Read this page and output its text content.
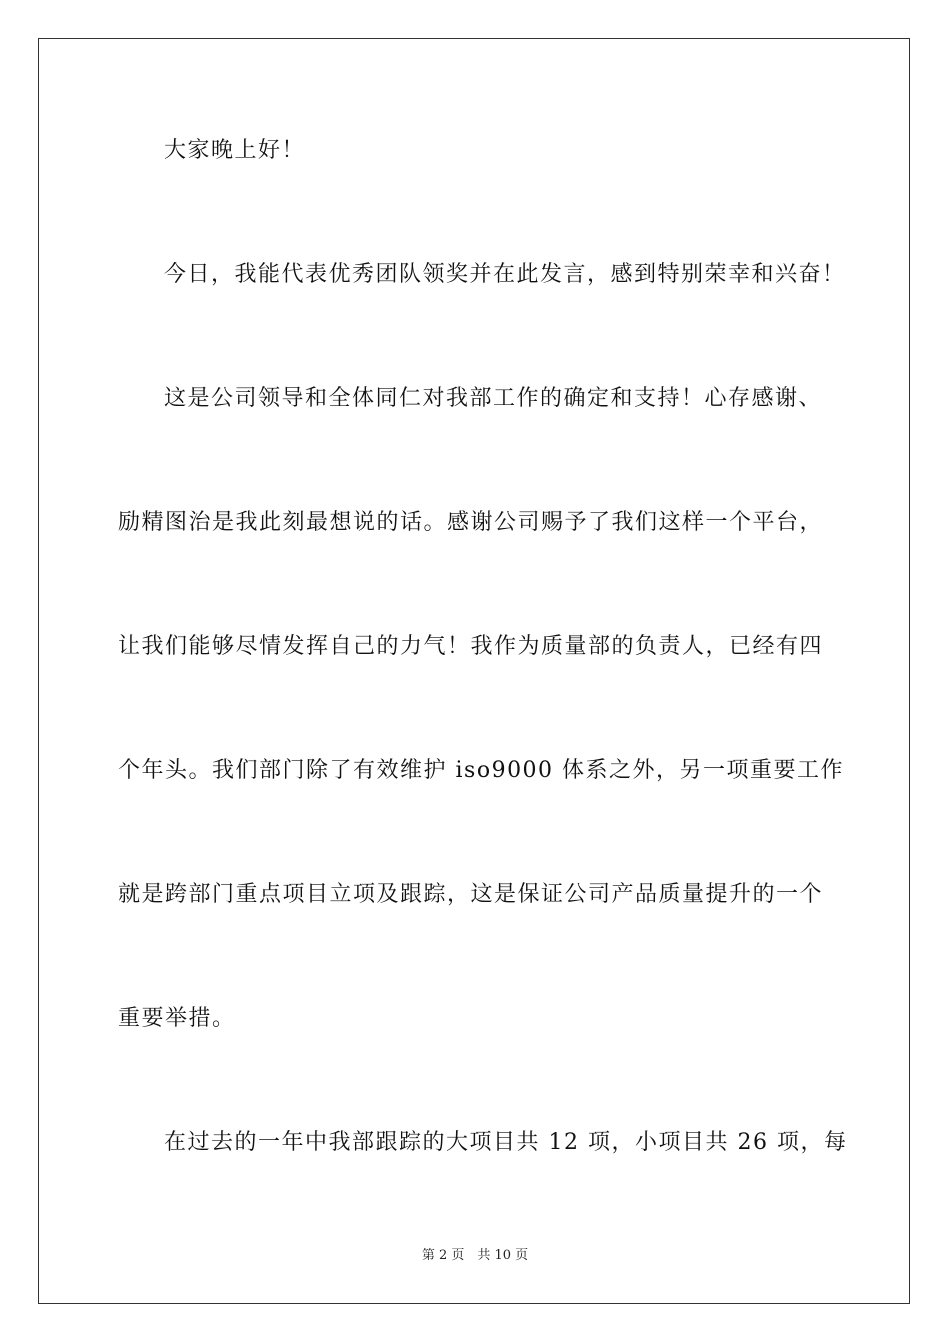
大家晚上好！
今日，我能代表优秀团队领奖并在此发言，感到特别荣幸和兴奋！
这是公司领导和全体同仁对我部工作的确定和支持！心存感谢、
励精图治是我此刻最想说的话。感谢公司赐予了我们这样一个平台，
让我们能够尽情发挥自己的力气！我作为质量部的负责人，已经有四
个年头。我们部门除了有效维护 iso9000 体系之外，另一项重要工作
就是跨部门重点项目立项及跟踪，这是保证公司产品质量提升的一个
重要举措。
在过去的一年中我部跟踪的大项目共 12 项，小项目共 26 项，每
第 2 页　共 10 页
